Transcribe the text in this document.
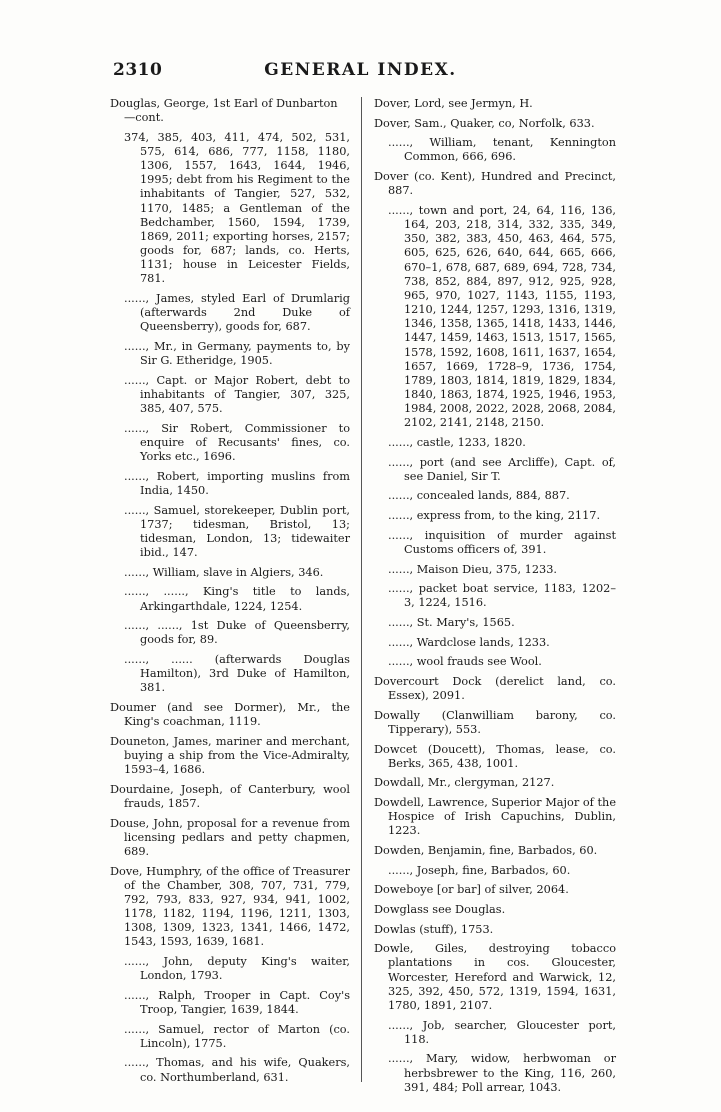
2310	GENERAL INDEX.
Douglas, George, 1st Earl of Dunbarton
—cont.
374, 385, 403, 411, 474, 502, 531, 575, 614, 686, 777, 1158, 1180, 1306, 1557, 1643, 1644, 1946, 1995; debt from his Regiment to the inhabitants of Tangier, 527, 532, 1170, 1485; a Gentleman of the Bedchamber, 1560, 1594, 1739, 1869, 2011; exporting horses, 2157; goods for, 687; lands, co. Herts, 1131; house in Leicester Fields, 781.
......, James, styled Earl of Drumlarig (afterwards 2nd Duke of Queensberry), goods for, 687.
......, Mr., in Germany, payments to, by Sir G. Etheridge, 1905.
......, Capt. or Major Robert, debt to inhabitants of Tangier, 307, 325, 385, 407, 575.
......, Sir Robert, Commissioner to enquire of Recusants' fines, co. Yorks etc., 1696.
......, Robert, importing muslins from India, 1450.
......, Samuel, storekeeper, Dublin port, 1737; tidesman, Bristol, 13; tidesman, London, 13; tidewaiter ibid., 147.
......, William, slave in Algiers, 346.
......, ......, King's title to lands, Arkingarthdale, 1224, 1254.
......, ......, 1st Duke of Queensberry, goods for, 89.
......, ...... (afterwards Douglas Hamilton), 3rd Duke of Hamilton, 381.
Doumer (and see Dormer), Mr., the King's coachman, 1119.
Douneton, James, mariner and merchant, buying a ship from the Vice-Admiralty, 1593–4, 1686.
Dourdaine, Joseph, of Canterbury, wool frauds, 1857.
Douse, John, proposal for a revenue from licensing pedlars and petty chapmen, 689.
Dove, Humphry, of the office of Treasurer of the Chamber, 308, 707, 731, 779, 792, 793, 833, 927, 934, 941, 1002, 1178, 1182, 1194, 1196, 1211, 1303, 1308, 1309, 1323, 1341, 1466, 1472, 1543, 1593, 1639, 1681.
......, John, deputy King's waiter, London, 1793.
......, Ralph, Trooper in Capt. Coy's Troop, Tangier, 1639, 1844.
......, Samuel, rector of Marton (co. Lincoln), 1775.
......, Thomas, and his wife, Quakers, co. Northumberland, 631.
Dover, Lord, see Jermyn, H.
Dover, Sam., Quaker, co, Norfolk, 633.
......, William, tenant, Kennington Common, 666, 696.
Dover (co. Kent), Hundred and Precinct, 887.
......, town and port, 24, 64, 116, 136, 164, 203, 218, 314, 332, 335, 349, 350, 382, 383, 450, 463, 464, 575, 605, 625, 626, 640, 644, 665, 666, 670–1, 678, 687, 689, 694, 728, 734, 738, 852, 884, 897, 912, 925, 928, 965, 970, 1027, 1143, 1155, 1193, 1210, 1244, 1257, 1293, 1316, 1319, 1346, 1358, 1365, 1418, 1433, 1446, 1447, 1459, 1463, 1513, 1517, 1565, 1578, 1592, 1608, 1611, 1637, 1654, 1657, 1669, 1728–9, 1736, 1754, 1789, 1803, 1814, 1819, 1829, 1834, 1840, 1863, 1874, 1925, 1946, 1953, 1984, 2008, 2022, 2028, 2068, 2084, 2102, 2141, 2148, 2150.
......, castle, 1233, 1820.
......, port (and see Arcliffe), Capt. of, see Daniel, Sir T.
......, concealed lands, 884, 887.
......, express from, to the king, 2117.
......, inquisition of murder against Customs officers of, 391.
......, Maison Dieu, 375, 1233.
......, packet boat service, 1183, 1202–3, 1224, 1516.
......, St. Mary's, 1565.
......, Wardclose lands, 1233.
......, wool frauds see Wool.
Dovercourt Dock (derelict land, co. Essex), 2091.
Dowally (Clanwilliam barony, co. Tipperary), 553.
Dowcet (Doucett), Thomas, lease, co. Berks, 365, 438, 1001.
Dowdall, Mr., clergyman, 2127.
Dowdell, Lawrence, Superior Major of the Hospice of Irish Capuchins, Dublin, 1223.
Dowden, Benjamin, fine, Barbados, 60.
......, Joseph, fine, Barbados, 60.
Doweboye [or bar] of silver, 2064.
Dowglass see Douglas.
Dowlas (stuff), 1753.
Dowle, Giles, destroying tobacco plantations in cos. Gloucester, Worcester, Hereford and Warwick, 12, 325, 392, 450, 572, 1319, 1594, 1631, 1780, 1891, 2107.
......, Job, searcher, Gloucester port, 118.
......, Mary, widow, herbwoman or herbsbrewer to the King, 116, 260, 391, 484; Poll arrear, 1043.
